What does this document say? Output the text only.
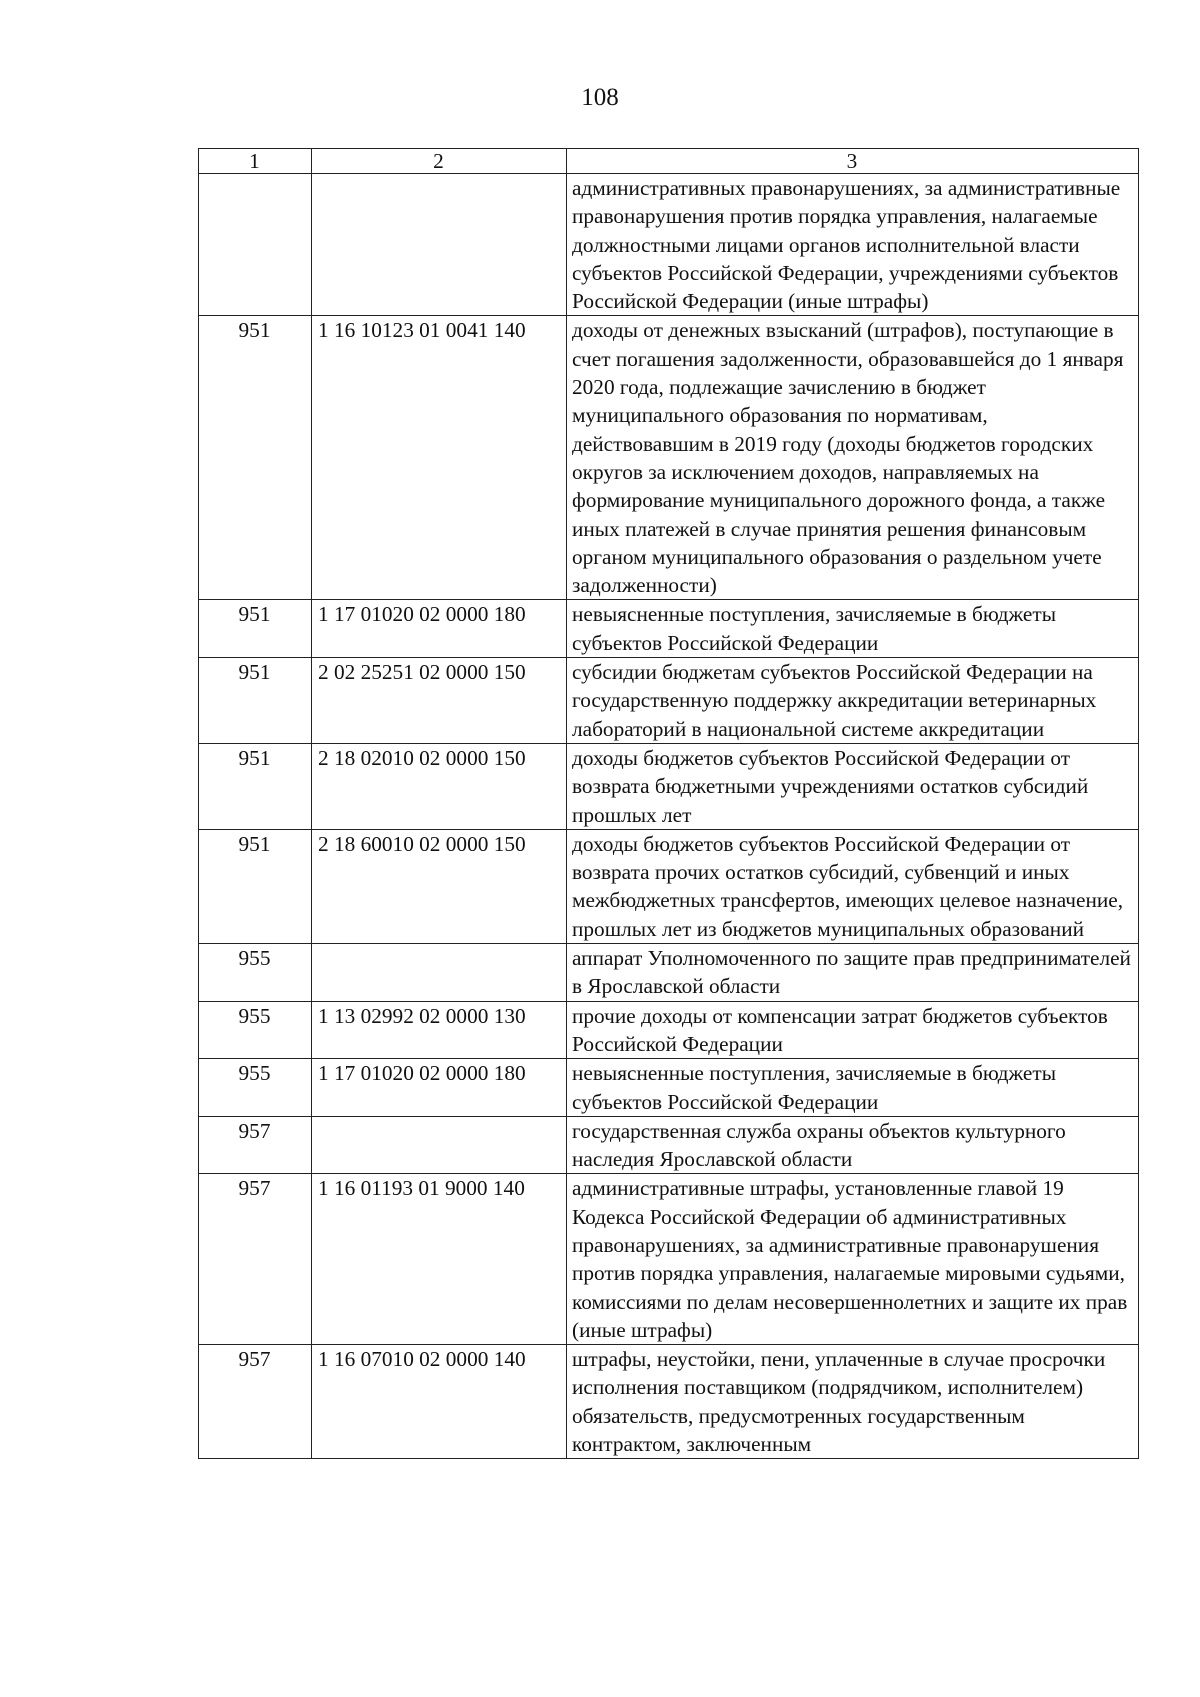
108
1	2	3
		административных правонарушениях, за административные правонарушения против порядка управления, налагаемые должностными лицами органов исполнительной власти субъектов Российской Федерации, учреждениями субъектов Российской Федерации (иные штрафы)
951	1 16 10123 01 0041 140	доходы от денежных взысканий (штрафов), поступающие в счет погашения задолженности, образовавшейся до 1 января 2020 года, подлежащие зачислению в бюджет муниципального образования по нормативам, действовавшим в 2019 году (доходы бюджетов городских округов за исключением доходов, направляемых на формирование муниципального дорожного фонда, а также иных платежей в случае принятия решения финансовым органом муниципального образования о раздельном учете задолженности)
951	1 17 01020 02 0000 180	невыясненные поступления, зачисляемые в бюджеты субъектов Российской Федерации
951	2 02 25251 02 0000 150	субсидии бюджетам субъектов Российской Федерации на государственную поддержку аккредитации ветеринарных лабораторий в национальной системе аккредитации
951	2 18 02010 02 0000 150	доходы бюджетов субъектов Российской Федерации от возврата бюджетными учреждениями остатков субсидий прошлых лет
951	2 18 60010 02 0000 150	доходы бюджетов субъектов Российской Федерации от возврата прочих остатков субсидий, субвенций и иных межбюджетных трансфертов, имеющих целевое назначение, прошлых лет из бюджетов муниципальных образований
955		аппарат Уполномоченного по защите прав предпринимателей в Ярославской области
955	1 13 02992 02 0000 130	прочие доходы от компенсации затрат бюджетов субъектов Российской Федерации
955	1 17 01020 02 0000 180	невыясненные поступления, зачисляемые в бюджеты субъектов Российской Федерации
957		государственная служба охраны объектов культурного наследия Ярославской области
957	1 16 01193 01 9000 140	административные штрафы, установленные главой 19 Кодекса Российской Федерации об административных правонарушениях, за административные правонарушения против порядка управления, налагаемые мировыми судьями, комиссиями по делам несовершеннолетних и защите их прав (иные штрафы)
957	1 16 07010 02 0000 140	штрафы, неустойки, пени, уплаченные в случае просрочки исполнения поставщиком (подрядчиком, исполнителем) обязательств, предусмотренных государственным контрактом, заключенным
